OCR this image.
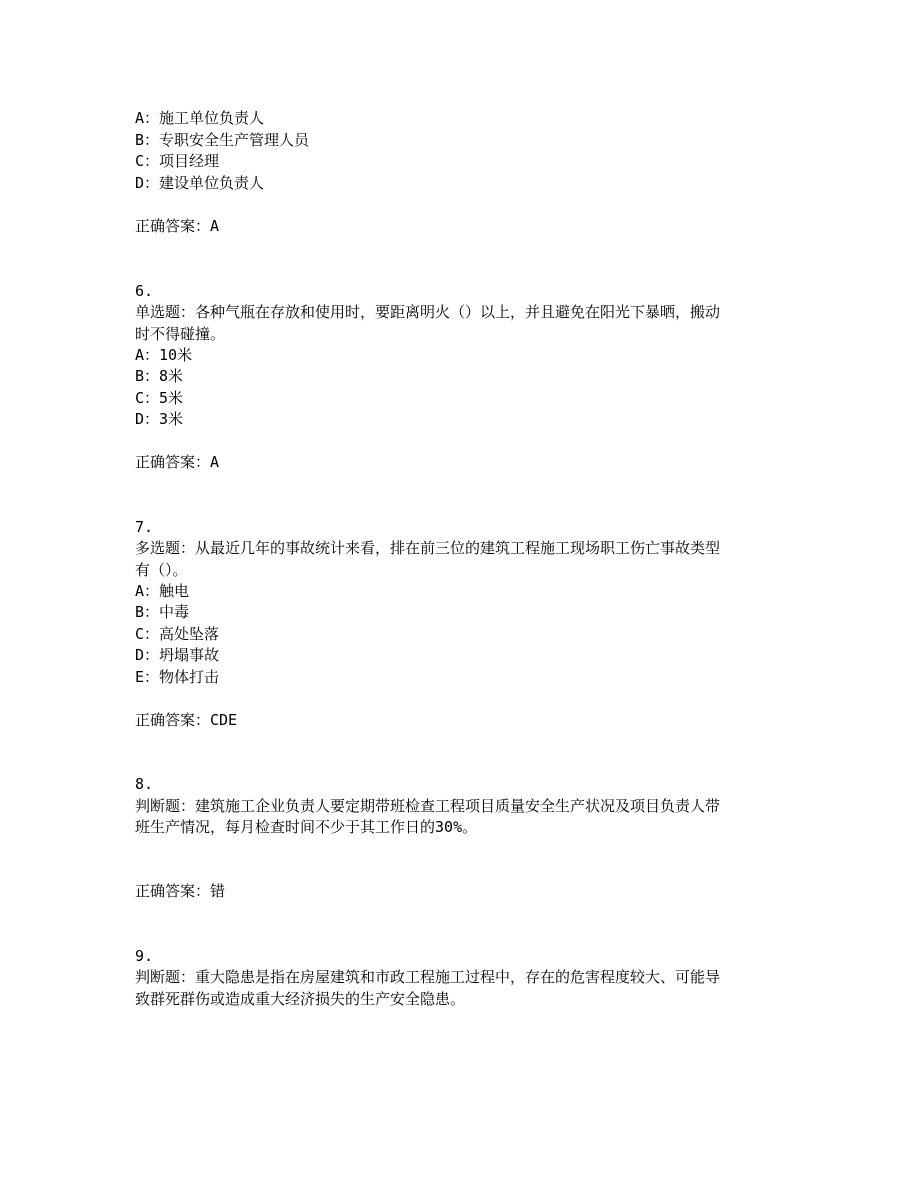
A：施工单位负责人

B：专职安全生产管理人员

C：项目经理

D：建设单位负责人

正确答案：A

6.

单选题：各种气瓶在存放和使用时，要距离明火（）以上，并且避免在阳光下暴晒，搬动

时不得碰撞。

A：10米

B：8米

C：5米

D：3米

正确答案：A

7.

多选题：从最近几年的事故统计来看，排在前三位的建筑工程施工现场职工伤亡事故类型

有（）。

A：触电

B：中毒

C：高处坠落

D：坍塌事故

E：物体打击

正确答案：CDE

8.

判断题：建筑施工企业负责人要定期带班检查工程项目质量安全生产状况及项目负责人带

班生产情况，每月检查时间不少于其工作日的30%。

正确答案：错

9.

判断题：重大隐患是指在房屋建筑和市政工程施工过程中，存在的危害程度较大、可能导

致群死群伤或造成重大经济损失的生产安全隐患。
